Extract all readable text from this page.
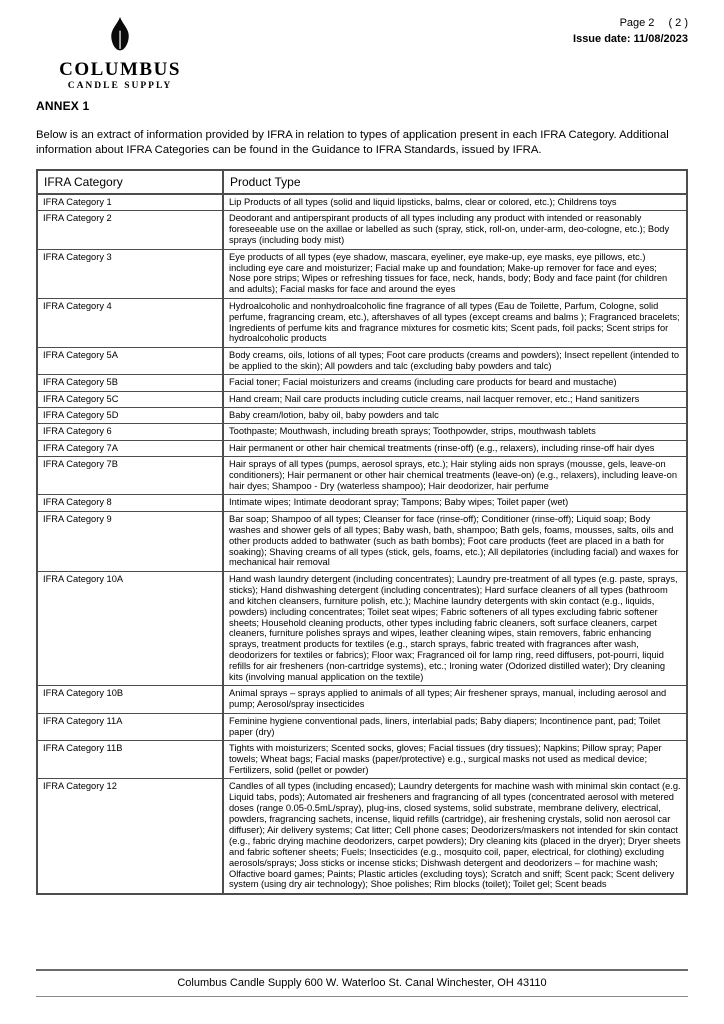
COLUMBUS
CANDLE SUPPLY
Page 2 ( 2 )
Issue date: 11/08/2023
ANNEX 1

Below is an extract of information provided by IFRA in relation to types of application present in each IFRA Category. Additional information about IFRA Categories can be found in the Guidance to IFRA Standards, issued by IFRA.

IFRA Category	Product Type
IFRA Category 1	Lip Products of all types (solid and liquid lipsticks, balms, clear or colored, etc.); Childrens toys
IFRA Category 2	Deodorant and antiperspirant products of all types including any product with intended or reasonably foreseeable use on the axillae or labelled as such (spray, stick, roll-on, under-arm, deo-cologne, etc.); Body sprays (including body mist)
IFRA Category 3	Eye products of all types (eye shadow, mascara, eyeliner, eye make-up, eye masks, eye pillows, etc.) including eye care and moisturizer; Facial make up and foundation; Make-up remover for face and eyes; Nose pore strips; Wipes or refreshing tissues for face, neck, hands, body; Body and face paint (for children and adults); Facial masks for face and around the eyes
IFRA Category 4	Hydroalcoholic and nonhydroalcoholic fine fragrance of all types (Eau de Toilette, Parfum, Cologne, solid perfume, fragrancing cream, etc.), aftershaves of all types (except creams and balms ); Fragranced bracelets; Ingredients of perfume kits and fragrance mixtures for cosmetic kits; Scent pads, foil packs; Scent strips for hydroalcoholic products
IFRA Category 5A	Body creams, oils, lotions of all types; Foot care products (creams and powders); Insect repellent (intended to be applied to the skin); All powders and talc (excluding baby powders and talc)
IFRA Category 5B	Facial toner; Facial moisturizers and creams (including care products for beard and mustache)
IFRA Category 5C	Hand cream; Nail care products including cuticle creams, nail lacquer remover, etc.; Hand sanitizers
IFRA Category 5D	Baby cream/lotion, baby oil, baby powders and talc
IFRA Category 6	Toothpaste; Mouthwash, including breath sprays; Toothpowder, strips, mouthwash tablets
IFRA Category 7A	Hair permanent or other hair chemical treatments (rinse-off) (e.g., relaxers), including rinse-off hair dyes
IFRA Category 7B	Hair sprays of all types (pumps, aerosol sprays, etc.); Hair styling aids non sprays (mousse, gels, leave-on conditioners); Hair permanent or other hair chemical treatments (leave-on) (e.g., relaxers), including leave-on hair dyes; Shampoo - Dry (waterless shampoo); Hair deodorizer, hair perfume
IFRA Category 8	Intimate wipes; Intimate deodorant spray; Tampons; Baby wipes; Toilet paper (wet)
IFRA Category 9	Bar soap; Shampoo of all types; Cleanser for face (rinse-off); Conditioner (rinse-off); Liquid soap; Body washes and shower gels of all types; Baby wash, bath, shampoo; Bath gels, foams, mousses, salts, oils and other products added to bathwater (such as bath bombs); Foot care products (feet are placed in a bath for soaking); Shaving creams of all types (stick, gels, foams, etc.); All depilatories (including facial) and waxes for mechanical hair removal
IFRA Category 10A	Hand wash laundry detergent (including concentrates); Laundry pre-treatment of all types (e.g. paste, sprays, sticks); Hand dishwashing detergent (including concentrates); Hard surface cleaners of all types (bathroom and kitchen cleansers, furniture polish, etc.); Machine laundry detergents with skin contact (e.g., liquids, powders) including concentrates; Toilet seat wipes; Fabric softeners of all types excluding fabric softener sheets; Household cleaning products, other types including fabric cleaners, soft surface cleaners, carpet cleaners, furniture polishes sprays and wipes, leather cleaning wipes, stain removers, fabric enhancing sprays, treatment products for textiles (e.g., starch sprays, fabric treated with fragrances after wash, deodorizers for textiles or fabrics); Floor wax; Fragranced oil for lamp ring, reed diffusers, pot-pourri, liquid refills for air fresheners (non-cartridge systems), etc.; Ironing water (Odorized distilled water); Dry cleaning kits (involving manual application on the textile)
IFRA Category 10B	Animal sprays – sprays applied to animals of all types; Air freshener sprays, manual, including aerosol and pump; Aerosol/spray insecticides
IFRA Category 11A	Feminine hygiene conventional pads, liners, interlabial pads; Baby diapers; Incontinence pant, pad; Toilet paper (dry)
IFRA Category 11B	Tights with moisturizers; Scented socks, gloves; Facial tissues (dry tissues); Napkins; Pillow spray; Paper towels; Wheat bags; Facial masks (paper/protective) e.g., surgical masks not used as medical device; Fertilizers, solid (pellet or powder)
IFRA Category 12	Candles of all types (including encased); Laundry detergents for machine wash with minimal skin contact (e.g. Liquid tabs, pods); Automated air fresheners and fragrancing of all types (concentrated aerosol with metered doses (range 0.05-0.5mL/spray), plug-ins, closed systems, solid substrate, membrane delivery, electrical, powders, fragrancing sachets, incense, liquid refills (cartridge), air freshening crystals, solid non aerosol car diffuser); Air delivery systems; Cat litter; Cell phone cases; Deodorizers/maskers not intended for skin contact (e.g., fabric drying machine deodorizers, carpet powders); Dry cleaning kits (placed in the dryer); Dryer sheets and fabric softener sheets; Fuels; Insecticides (e.g., mosquito coil, paper, electrical, for clothing) excluding aerosols/sprays; Joss sticks or incense sticks; Dishwash detergent and deodorizers – for machine wash; Olfactive board games; Paints; Plastic articles (excluding toys); Scratch and sniff; Scent pack; Scent delivery system (using dry air technology); Shoe polishes; Rim blocks (toilet); Toilet gel; Scent beads
Columbus Candle Supply 600 W. Waterloo St. Canal Winchester, OH 43110
